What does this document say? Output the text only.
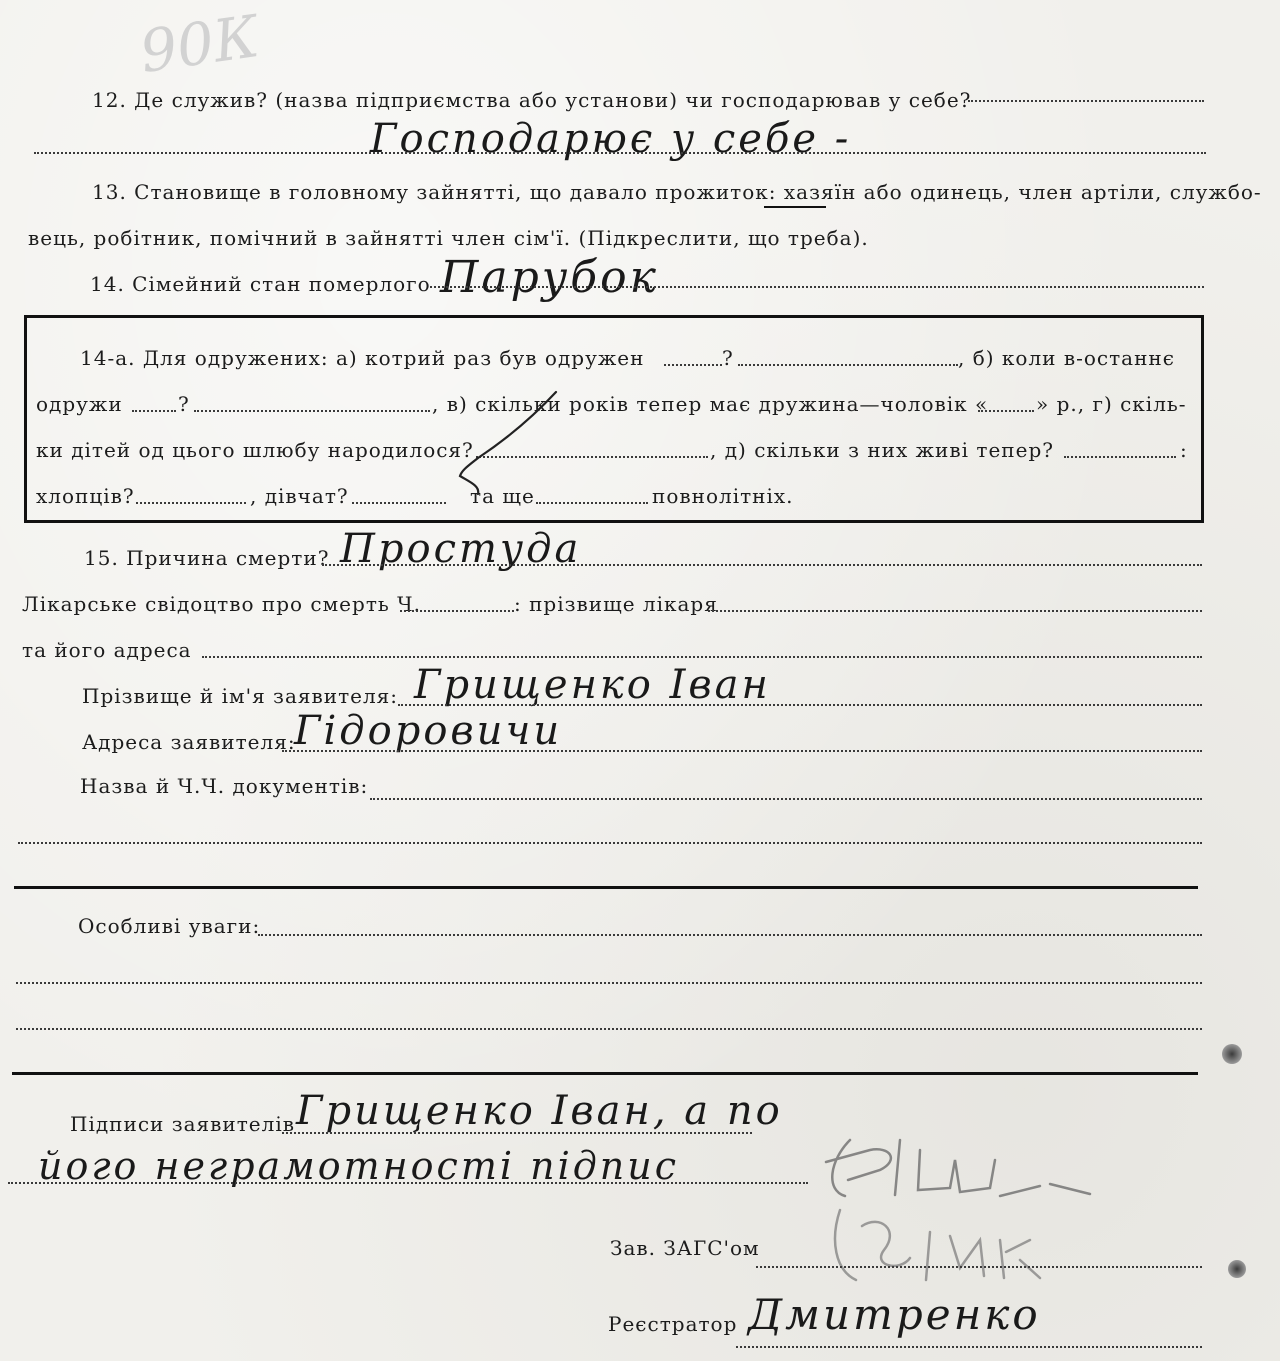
90К
12. Де служив? (назва підприємства або установи) чи господарював у себе?
Господарює у себе -
13. Становище в головному зайнятті, що давало прожиток: хазяїн або одинець, член артіли, службо-
вець, робітник, помічний в зайнятті член сім'ї. (Підкреслити, що треба).
14. Сімейний стан померлого Парубок
14-а. Для одружених: а) котрий раз був одружен	?	, б) коли в-останнє
одружи	?	, в) скільки років тепер має дружина—чоловік « » р., г) скіль-
ки дітей од цього шлюбу народилося?	, д) скільки з них живі тепер?	:
хлопців?	, дівчат?	та ще	повнолітніх.
15. Причина смерти? Простуда
Лікарське свідоцтво про смерть Ч.	: прізвище лікаря
та його адреса
Прізвище й ім'я заявителя: Грищенко Іван
Адреса заявителя:
Гідоровичи
Назва й Ч.Ч. документів:
Особливі уваги:
Підписи заявителів Грищенко Іван, а по
його неграмотності підпис
Зав. ЗАГС'ом
Реєстратор Дмитренко
